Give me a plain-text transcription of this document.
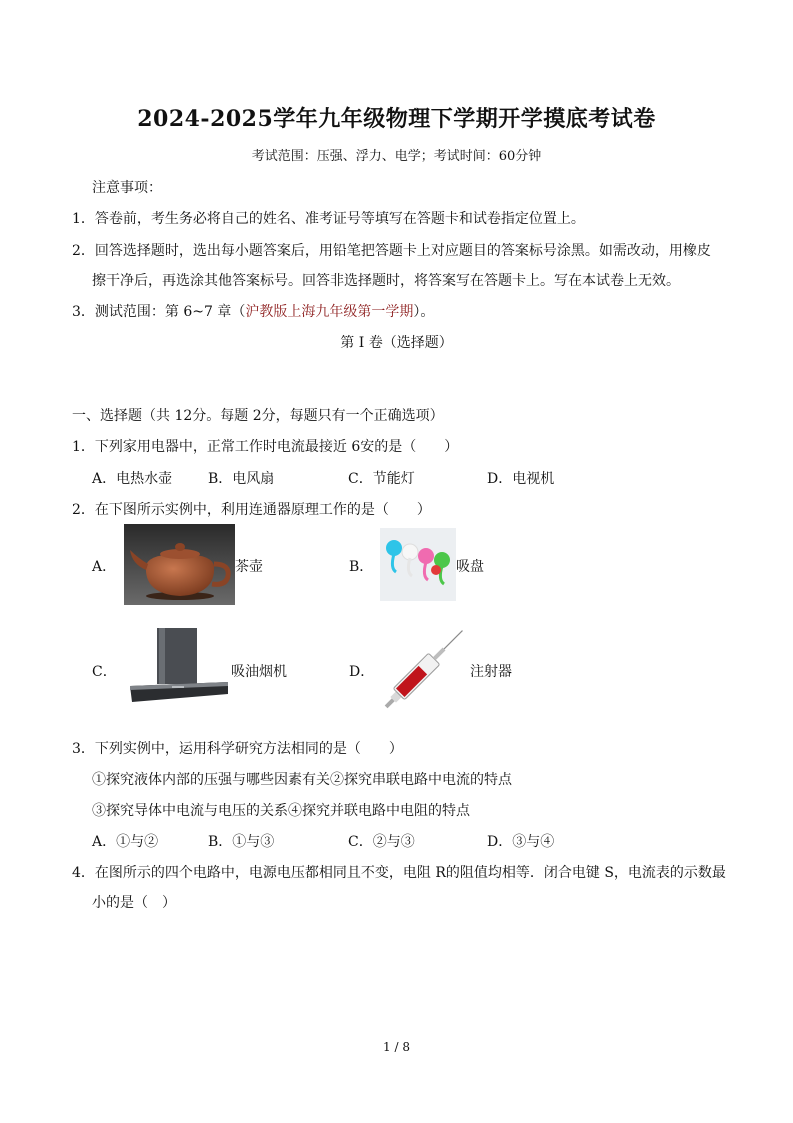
2024-2025学年九年级物理下学期开学摸底考试卷
考试范围：压强、浮力、电学；考试时间：60分钟
注意事项：
1．答卷前，考生务必将自己的姓名、准考证号等填写在答题卡和试卷指定位置上。
2．回答选择题时，选出每小题答案后，用铅笔把答题卡上对应题目的答案标号涂黑。如需改动，用橡皮
擦干净后，再选涂其他答案标号。回答非选择题时，将答案写在答题卡上。写在本试卷上无效。
3．测试范围：第 6~7 章（沪教版上海九年级第一学期）。
第 I 卷（选择题）
一、选择题（共 12分。每题 2分，每题只有一个正确选项）
1．下列家用电器中，正常工作时电流最接近 6安的是（　　）
A．电热水壶	B．电风扇	C．节能灯	D．电视机
2．在下图所示实例中，利用连通器原理工作的是（　　）
A．	茶壶	B．	吸盘
C．	吸油烟机	D．	注射器
3．下列实例中，运用科学研究方法相同的是（　　）
①探究液体内部的压强与哪些因素有关②探究串联电路中电流的特点
③探究导体中电流与电压的关系④探究并联电路中电阻的特点
A．①与②	B．①与③	C．②与③	D．③与④
4．在图所示的四个电路中，电源电压都相同且不变，电阻 R的阻值均相等．闭合电键 S，电流表的示数最
小的是（　）
1 / 8
